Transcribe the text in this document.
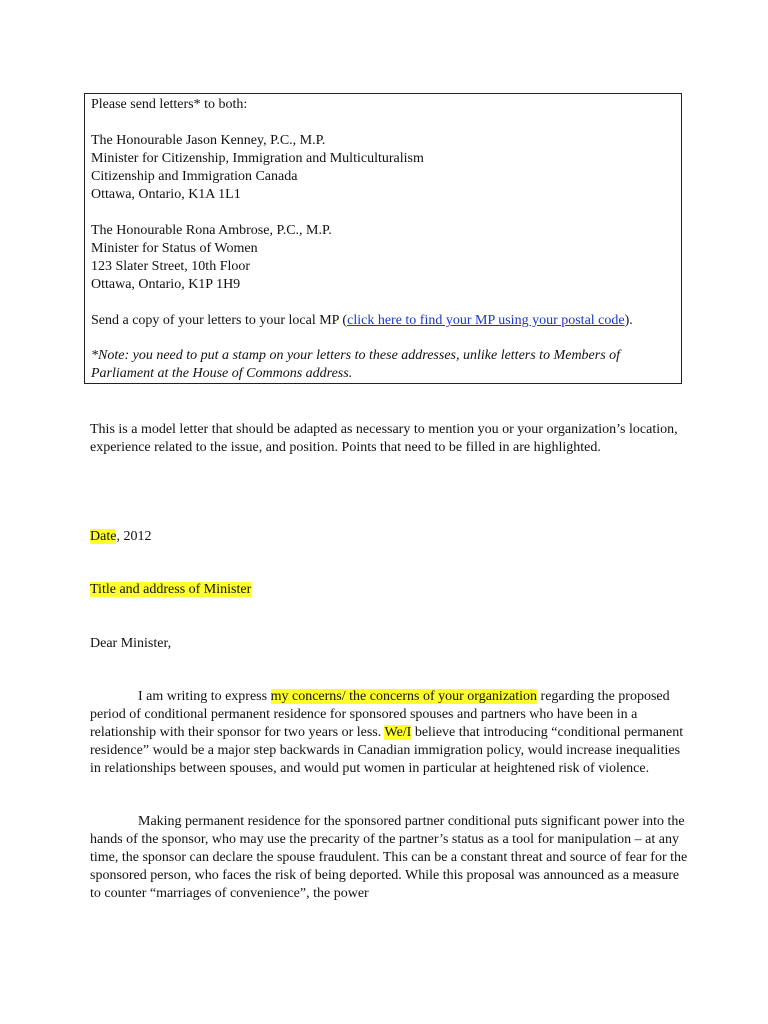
Please send letters* to both:

The Honourable Jason Kenney, P.C., M.P.

Minister for Citizenship, Immigration and Multiculturalism

Citizenship and Immigration Canada

Ottawa, Ontario, K1A 1L1

The Honourable Rona Ambrose, P.C., M.P.

Minister for Status of Women

123 Slater Street, 10th Floor

Ottawa, Ontario, K1P 1H9

Send a copy of your letters to your local MP (click here to find your MP using your postal code).

*Note: you need to put a stamp on your letters to these addresses, unlike letters to Members of Parliament at the House of Commons address.

This is a model letter that should be adapted as necessary to mention you or your organization’s location, experience related to the issue, and position. Points that need to be filled in are highlighted.

Date, 2012

Title and address of Minister

Dear Minister,

I am writing to express my concerns/ the concerns of your organization regarding the proposed period of conditional permanent residence for sponsored spouses and partners who have been in a relationship with their sponsor for two years or less. We/I believe that introducing “conditional permanent residence” would be a major step backwards in Canadian immigration policy, would increase inequalities in relationships between spouses, and would put women in particular at heightened risk of violence.

Making permanent residence for the sponsored partner conditional puts significant power into the hands of the sponsor, who may use the precarity of the partner’s status as a tool for manipulation – at any time, the sponsor can declare the spouse fraudulent. This can be a constant threat and source of fear for the sponsored person, who faces the risk of being deported. While this proposal was announced as a measure to counter “marriages of convenience”, the power
